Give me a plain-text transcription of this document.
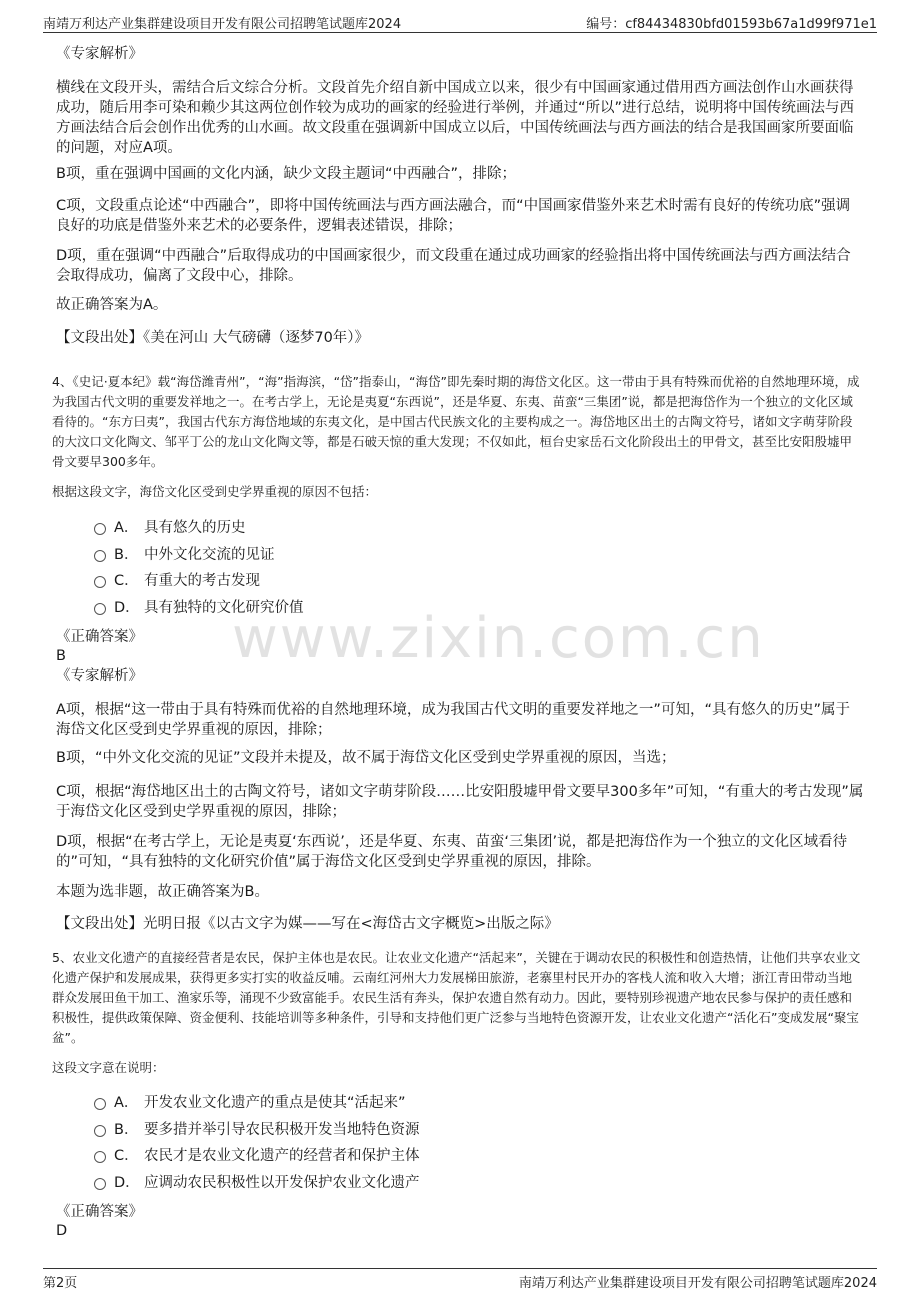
南靖万利达产业集群建设项目开发有限公司招聘笔试题库2024	编号：cf84434830bfd01593b67a1d99f971e1
www.zixin.com.cn

《专家解析》

横线在文段开头，需结合后文综合分析。文段首先介绍自新中国成立以来，很少有中国画家通过借用西方画法创作山水画获得成功，随后用李可染和赖少其这两位创作较为成功的画家的经验进行举例，并通过“所以”进行总结，说明将中国传统画法与西方画法结合后会创作出优秀的山水画。故文段重在强调新中国成立以后，中国传统画法与西方画法的结合是我国画家所要面临的问题，对应A项。

B项，重在强调中国画的文化内涵，缺少文段主题词“中西融合”，排除；

C项，文段重点论述“中西融合”，即将中国传统画法与西方画法融合，而“中国画家借鉴外来艺术时需有良好的传统功底”强调良好的功底是借鉴外来艺术的必要条件，逻辑表述错误，排除；

D项，重在强调“中西融合”后取得成功的中国画家很少，而文段重在通过成功画家的经验指出将中国传统画法与西方画法结合会取得成功，偏离了文段中心，排除。

故正确答案为A。

【文段出处】《美在河山 大气磅礴（逐梦70年）》

4、《史记·夏本纪》载“海岱潍青州”，“海”指海滨，“岱”指泰山，“海岱”即先秦时期的海岱文化区。这一带由于具有特殊而优裕的自然地理环境，成为我国古代文明的重要发祥地之一。在考古学上，无论是夷夏“东西说”，还是华夏、东夷、苗蛮“三集团”说，都是把海岱作为一个独立的文化区域看待的。“东方曰夷”，我国古代东方海岱地域的东夷文化，是中国古代民族文化的主要构成之一。海岱地区出土的古陶文符号，诸如文字萌芽阶段的大汶口文化陶文、邹平丁公的龙山文化陶文等，都是石破天惊的重大发现；不仅如此，桓台史家岳石文化阶段出土的甲骨文，甚至比安阳殷墟甲骨文要早300多年。

根据这段文字，海岱文化区受到史学界重视的原因不包括：

A． 具有悠久的历史
B． 中外文化交流的见证
C． 有重大的考古发现
D． 具有独特的文化研究价值

《正确答案》

B

《专家解析》

A项，根据“这一带由于具有特殊而优裕的自然地理环境，成为我国古代文明的重要发祥地之一”可知，“具有悠久的历史”属于海岱文化区受到史学界重视的原因，排除；

B项，“中外文化交流的见证”文段并未提及，故不属于海岱文化区受到史学界重视的原因，当选；

C项，根据“海岱地区出土的古陶文符号，诸如文字萌芽阶段……比安阳殷墟甲骨文要早300多年”可知，“有重大的考古发现”属于海岱文化区受到史学界重视的原因，排除；

D项，根据“在考古学上，无论是夷夏‘东西说’，还是华夏、东夷、苗蛮‘三集团’说，都是把海岱作为一个独立的文化区域看待的”可知，“具有独特的文化研究价值”属于海岱文化区受到史学界重视的原因，排除。

本题为选非题，故正确答案为B。

【文段出处】光明日报《以古文字为媒——写在<海岱古文字概览>出版之际》

5、农业文化遗产的直接经营者是农民，保护主体也是农民。让农业文化遗产“活起来”，关键在于调动农民的积极性和创造热情，让他们共享农业文化遗产保护和发展成果，获得更多实打实的收益反哺。云南红河州大力发展梯田旅游，老寨里村民开办的客栈人流和收入大增；浙江青田带动当地群众发展田鱼干加工、渔家乐等，涌现不少致富能手。农民生活有奔头，保护农遗自然有动力。因此，要特别珍视遗产地农民参与保护的责任感和积极性，提供政策保障、资金便利、技能培训等多种条件，引导和支持他们更广泛参与当地特色资源开发，让农业文化遗产“活化石”变成发展“聚宝盆”。

这段文字意在说明：

A． 开发农业文化遗产的重点是使其“活起来”
B． 要多措并举引导农民积极开发当地特色资源
C． 农民才是农业文化遗产的经营者和保护主体
D． 应调动农民积极性以开发保护农业文化遗产

《正确答案》

D

第2页	南靖万利达产业集群建设项目开发有限公司招聘笔试题库2024
